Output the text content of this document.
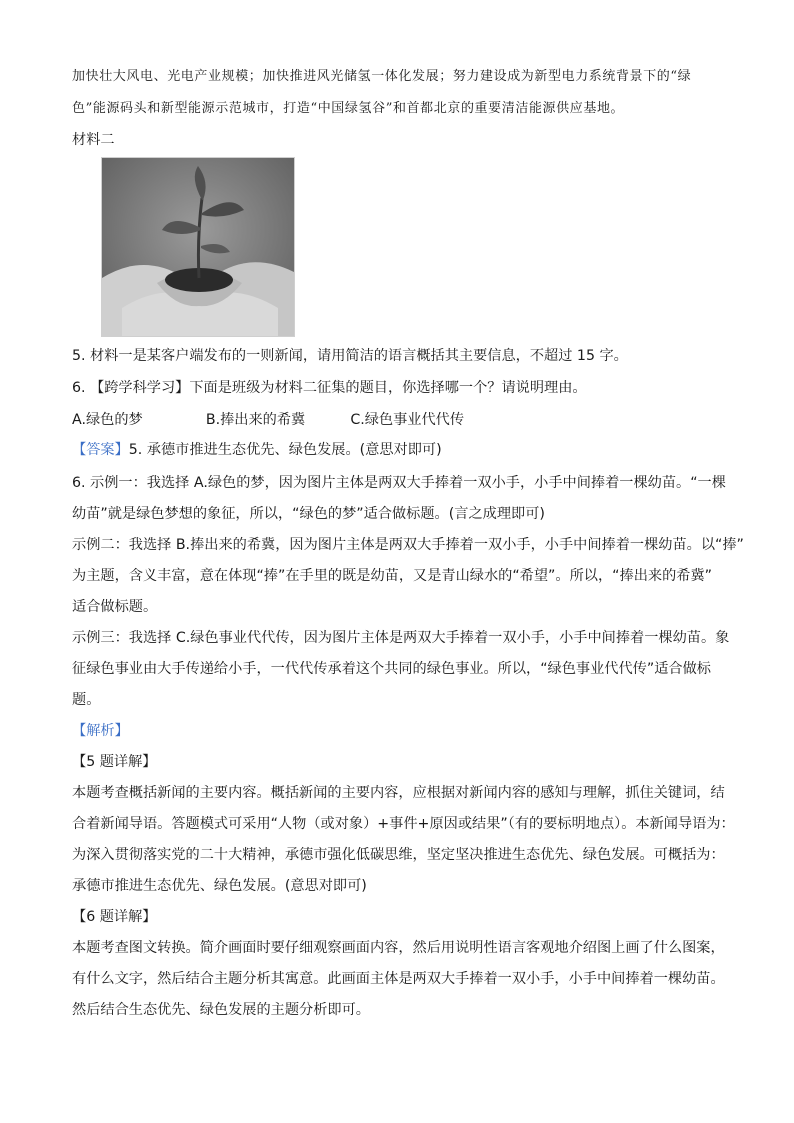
加快壮大风电、光电产业规模；加快推进风光储氢一体化发展；努力建设成为新型电力系统背景下的“绿
色”能源码头和新型能源示范城市，打造“中国绿氢谷”和首都北京的重要清洁能源供应基地。
材料二
5. 材料一是某客户端发布的一则新闻，请用简洁的语言概括其主要信息，不超过 15 字。
6. 【跨学科学习】下面是班级为材料二征集的题目，你选择哪一个？请说明理由。
A.绿色的梦              B.捧出来的希冀          C.绿色事业代代传
【答案】5. 承德市推进生态优先、绿色发展。(意思对即可)
6. 示例一：我选择 A.绿色的梦，因为图片主体是两双大手捧着一双小手，小手中间捧着一棵幼苗。“一棵
幼苗”就是绿色梦想的象征，所以，“绿色的梦”适合做标题。(言之成理即可)
示例二：我选择 B.捧出来的希冀，因为图片主体是两双大手捧着一双小手，小手中间捧着一棵幼苗。以“捧”
为主题，含义丰富，意在体现“捧”在手里的既是幼苗，又是青山绿水的“希望”。所以，“捧出来的希冀”
适合做标题。
示例三：我选择 C.绿色事业代代传，因为图片主体是两双大手捧着一双小手，小手中间捧着一棵幼苗。象
征绿色事业由大手传递给小手，一代代传承着这个共同的绿色事业。所以，“绿色事业代代传”适合做标
题。
【解析】
【5 题详解】
本题考查概括新闻的主要内容。概括新闻的主要内容，应根据对新闻内容的感知与理解，抓住关键词，结
合着新闻导语。答题模式可采用“人物（或对象）+事件+原因或结果”（有的要标明地点）。本新闻导语为：
为深入贯彻落实党的二十大精神，承德市强化低碳思维，坚定坚决推进生态优先、绿色发展。可概括为：
承德市推进生态优先、绿色发展。(意思对即可)
【6 题详解】
本题考查图文转换。简介画面时要仔细观察画面内容，然后用说明性语言客观地介绍图上画了什么图案，
有什么文字，然后结合主题分析其寓意。此画面主体是两双大手捧着一双小手，小手中间捧着一棵幼苗。
然后结合生态优先、绿色发展的主题分析即可。
